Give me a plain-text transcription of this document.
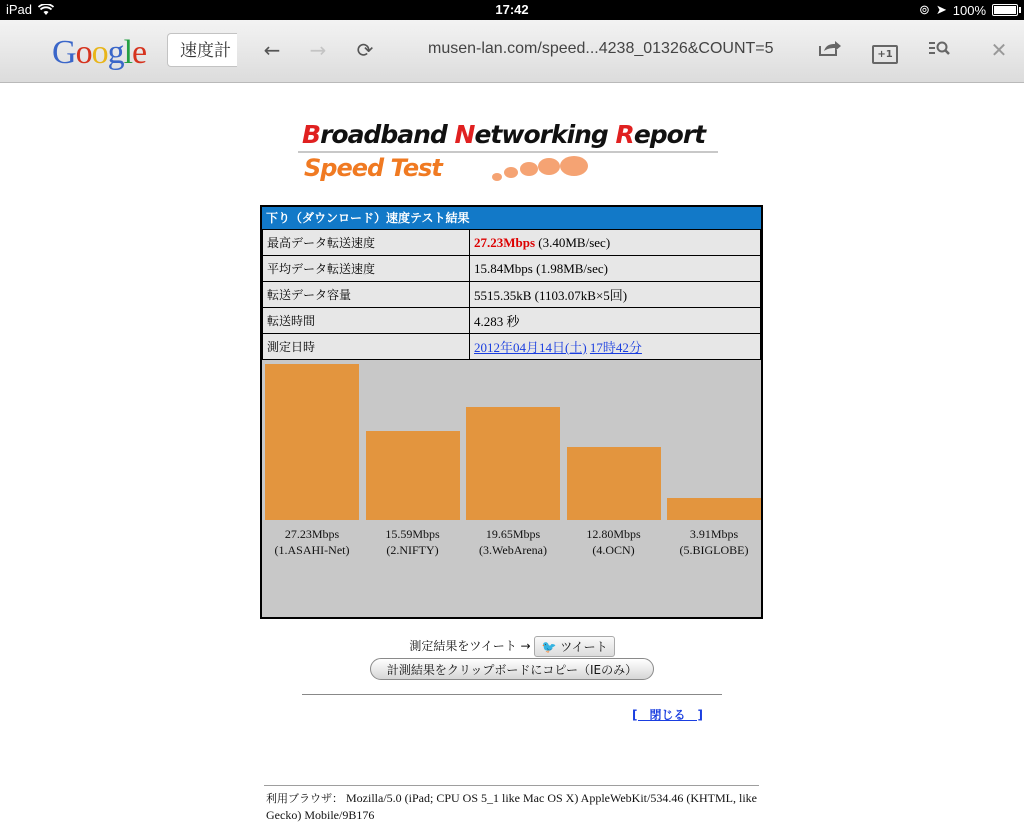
iPad	17:42	⊚ ➤ 100%
Google	速度計	← → ⟳	musen-lan.com/speed...4238_01326&COUNT=5	+1	✕
Broadband Networking Report
Speed Test
下り（ダウンロード）速度テスト結果
最高データ転送速度	27.23Mbps (3.40MB/sec)
平均データ転送速度	15.84Mbps (1.98MB/sec)
転送データ容量	5515.35kB (1103.07kB×5回)
転送時間	4.283 秒
測定日時	2012年04月14日(土) 17時42分
27.23Mbps
(1.ASAHI-Net)
15.59Mbps
(2.NIFTY)
19.65Mbps
(3.WebArena)
12.80Mbps
(4.OCN)
3.91Mbps
(5.BIGLOBE)
利用ブラウザ： Mozilla/5.0 (iPad; CPU OS 5_1 like Mac OS X) AppleWebKit/534.46 (KHTML, like Gecko) Mobile/9B176
測定結果をツイート → 🐦 ツイート
計測結果をクリップボードにコピー（IEのみ）
[　閉じる　]
